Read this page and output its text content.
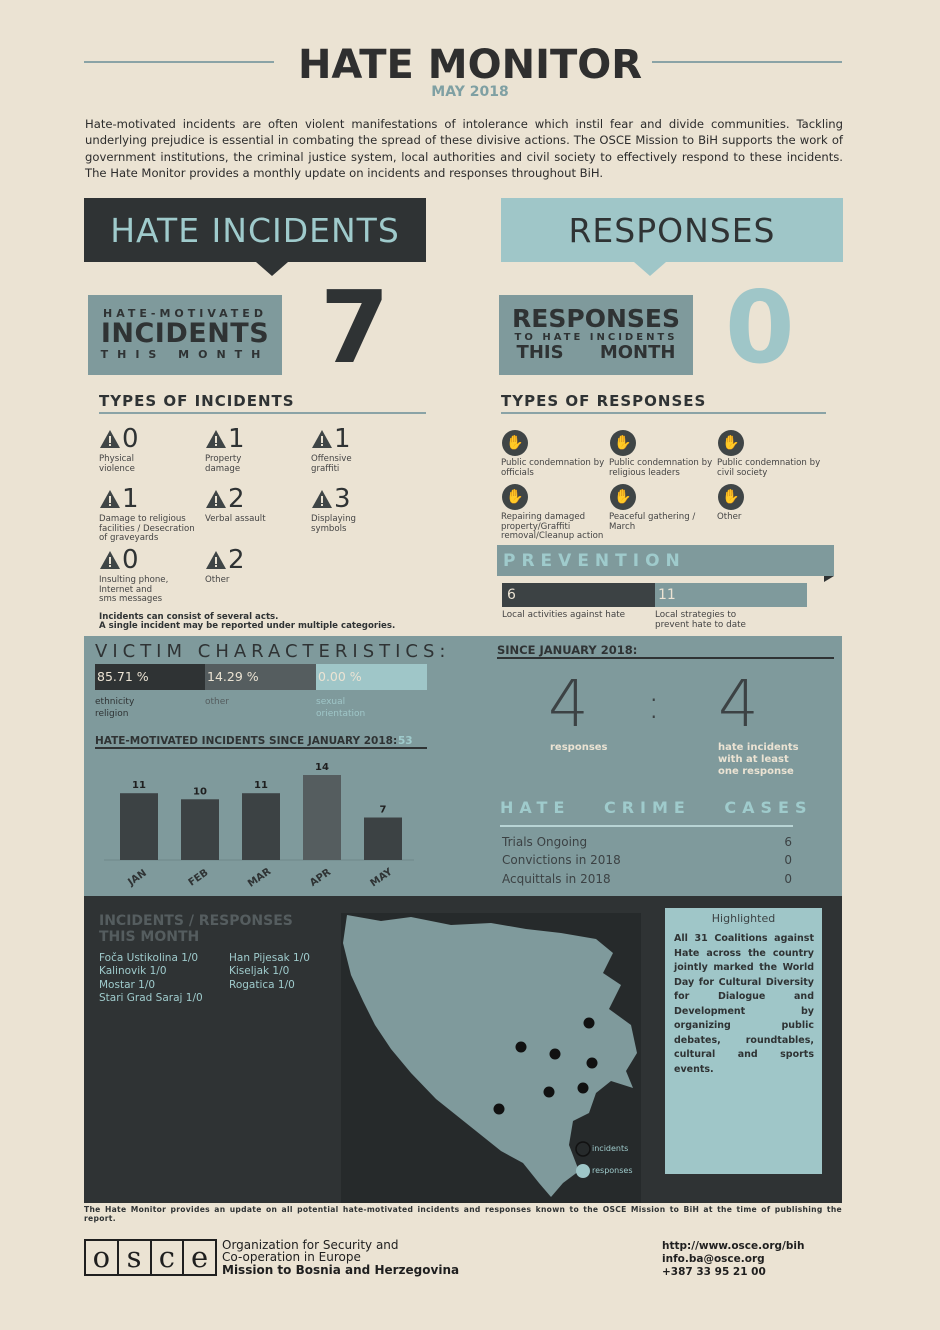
HATE MONITOR
MAY 2018
Hate-motivated incidents are often violent manifestations of intolerance which instil fear and divide communities. Tackling underlying prejudice is essential in combating the spread of these divisive actions. The OSCE Mission to BiH supports the work of government institutions, the criminal justice system, local authorities and civil society to effectively respond to these incidents. The Hate Monitor provides a monthly update on incidents and responses throughout BiH.
HATE INCIDENTS	RESPONSES
HATE-MOTIVATED
INCIDENTS
THIS MONTH 7	RESPONSES
TO HATE INCIDENTS
THIS MONTH 0
TYPES OF INCIDENTS
0
Physical violence
1
Property damage
1
Offensive graffiti
1
Damage to religious facilities / Desecration of graveyards
2
Verbal assault
3
Displaying symbols
0
Insulting phone, Internet and sms messages
2
Other
Incidents can consist of several acts.
A single incident may be reported under multiple categories.
TYPES OF RESPONSES
✋
Public condemnation by officials
✋
Public condemnation by religious leaders
✋
Public condemnation by civil society
✋
Repairing damaged property/Graffiti removal/Cleanup action
✋
Peaceful gathering / March
✋
Other
PREVENTION
6	11
Local activities against hate	Local strategies to prevent hate to date
VICTIM CHARACTERISTICS:
85.71 %	14.29 %	0.00 %
ethnicity religion
other	sexual orientation
HATE-MOTIVATED INCIDENTS SINCE JANUARY 2018: 53
11
JAN
10
FEB
11
MAR
14
APR
7
MAY
SINCE JANUARY 2018:
4 : 4
responses	hate incidents with at least one response
HATE CRIME CASES
Trials Ongoing	6
Convictions in 2018	0
Acquittals in 2018	0
INCIDENTS / RESPONSES
THIS MONTH
Foča Ustikolina 1/0
Kalinovik 1/0
Mostar 1/0
Stari Grad Saraj 1/0
Han Pijesak 1/0
Kiseljak 1/0
Rogatica 1/0
incidents
responses
Highlighted
All 31 Coalitions against Hate across the country jointly marked the World Day for Cultural Diversity for Dialogue and Development by organizing public debates, roundtables, cultural and sports events.
The Hate Monitor provides an update on all potential hate-motivated incidents and responses known to the OSCE Mission to BiH at the time of publishing the report.
o s c e	Organization for Security and
Co-operation in Europe
Mission to Bosnia and Herzegovina
http://www.osce.org/bih
info.ba@osce.org
+387 33 95 21 00
